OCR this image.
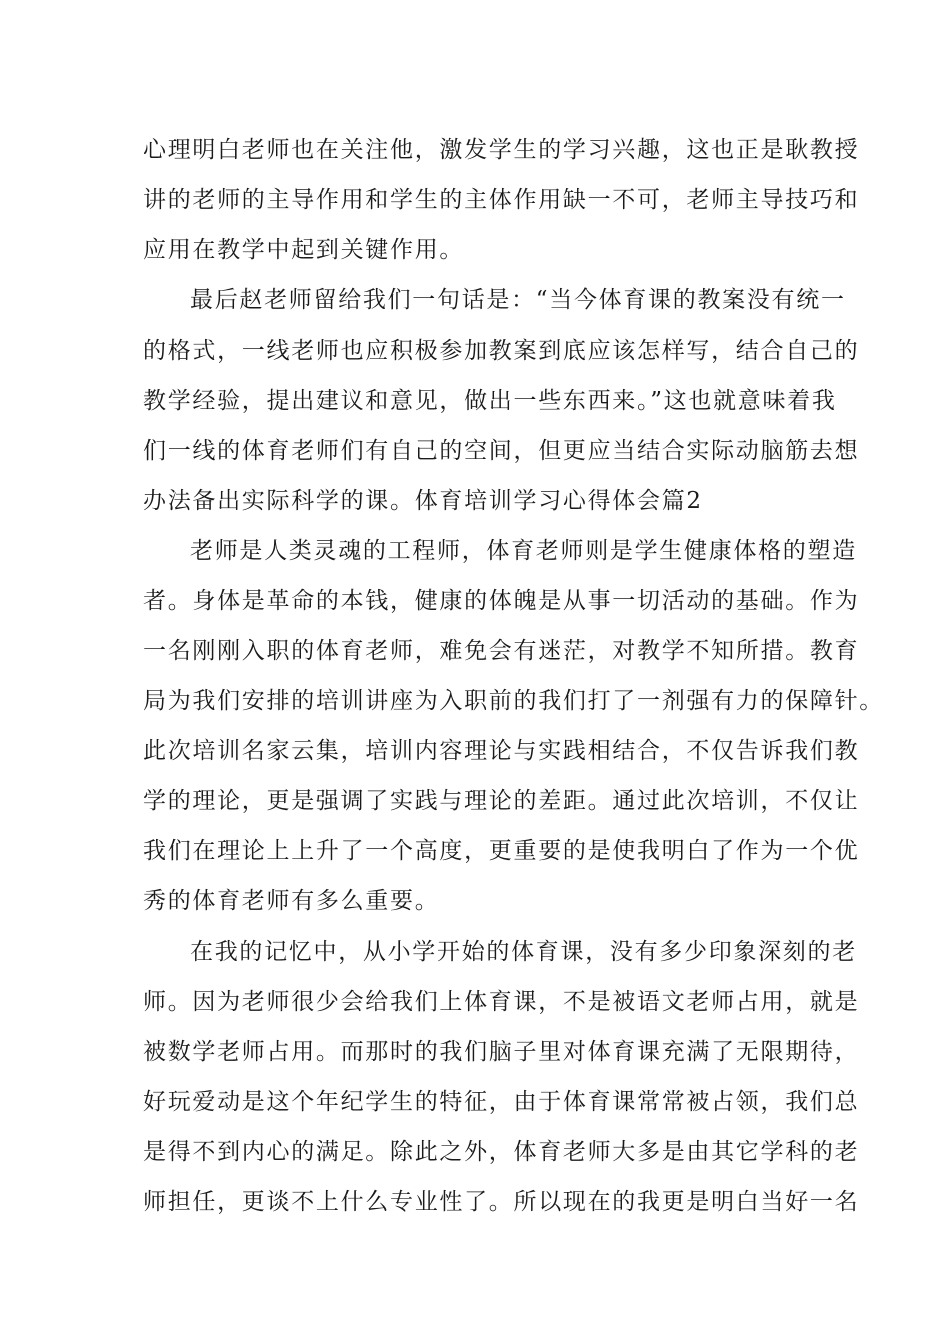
心理明白老师也在关注他，激发学生的学习兴趣，这也正是耿教授
讲的老师的主导作用和学生的主体作用缺一不可，老师主导技巧和
应用在教学中起到关键作用。
最后赵老师留给我们一句话是：“当今体育课的教案没有统一
的格式，一线老师也应积极参加教案到底应该怎样写，结合自己的
教学经验，提出建议和意见，做出一些东西来。”这也就意味着我
们一线的体育老师们有自己的空间，但更应当结合实际动脑筋去想
办法备出实际科学的课。体育培训学习心得体会篇2
老师是人类灵魂的工程师，体育老师则是学生健康体格的塑造
者。身体是革命的本钱，健康的体魄是从事一切活动的基础。作为
一名刚刚入职的体育老师，难免会有迷茫，对教学不知所措。教育
局为我们安排的培训讲座为入职前的我们打了一剂强有力的保障针。
此次培训名家云集，培训内容理论与实践相结合，不仅告诉我们教
学的理论，更是强调了实践与理论的差距。通过此次培训，不仅让
我们在理论上上升了一个高度，更重要的是使我明白了作为一个优
秀的体育老师有多么重要。
在我的记忆中，从小学开始的体育课，没有多少印象深刻的老
师。因为老师很少会给我们上体育课，不是被语文老师占用，就是
被数学老师占用。而那时的我们脑子里对体育课充满了无限期待，
好玩爱动是这个年纪学生的特征，由于体育课常常被占领，我们总
是得不到内心的满足。除此之外，体育老师大多是由其它学科的老
师担任，更谈不上什么专业性了。所以现在的我更是明白当好一名
